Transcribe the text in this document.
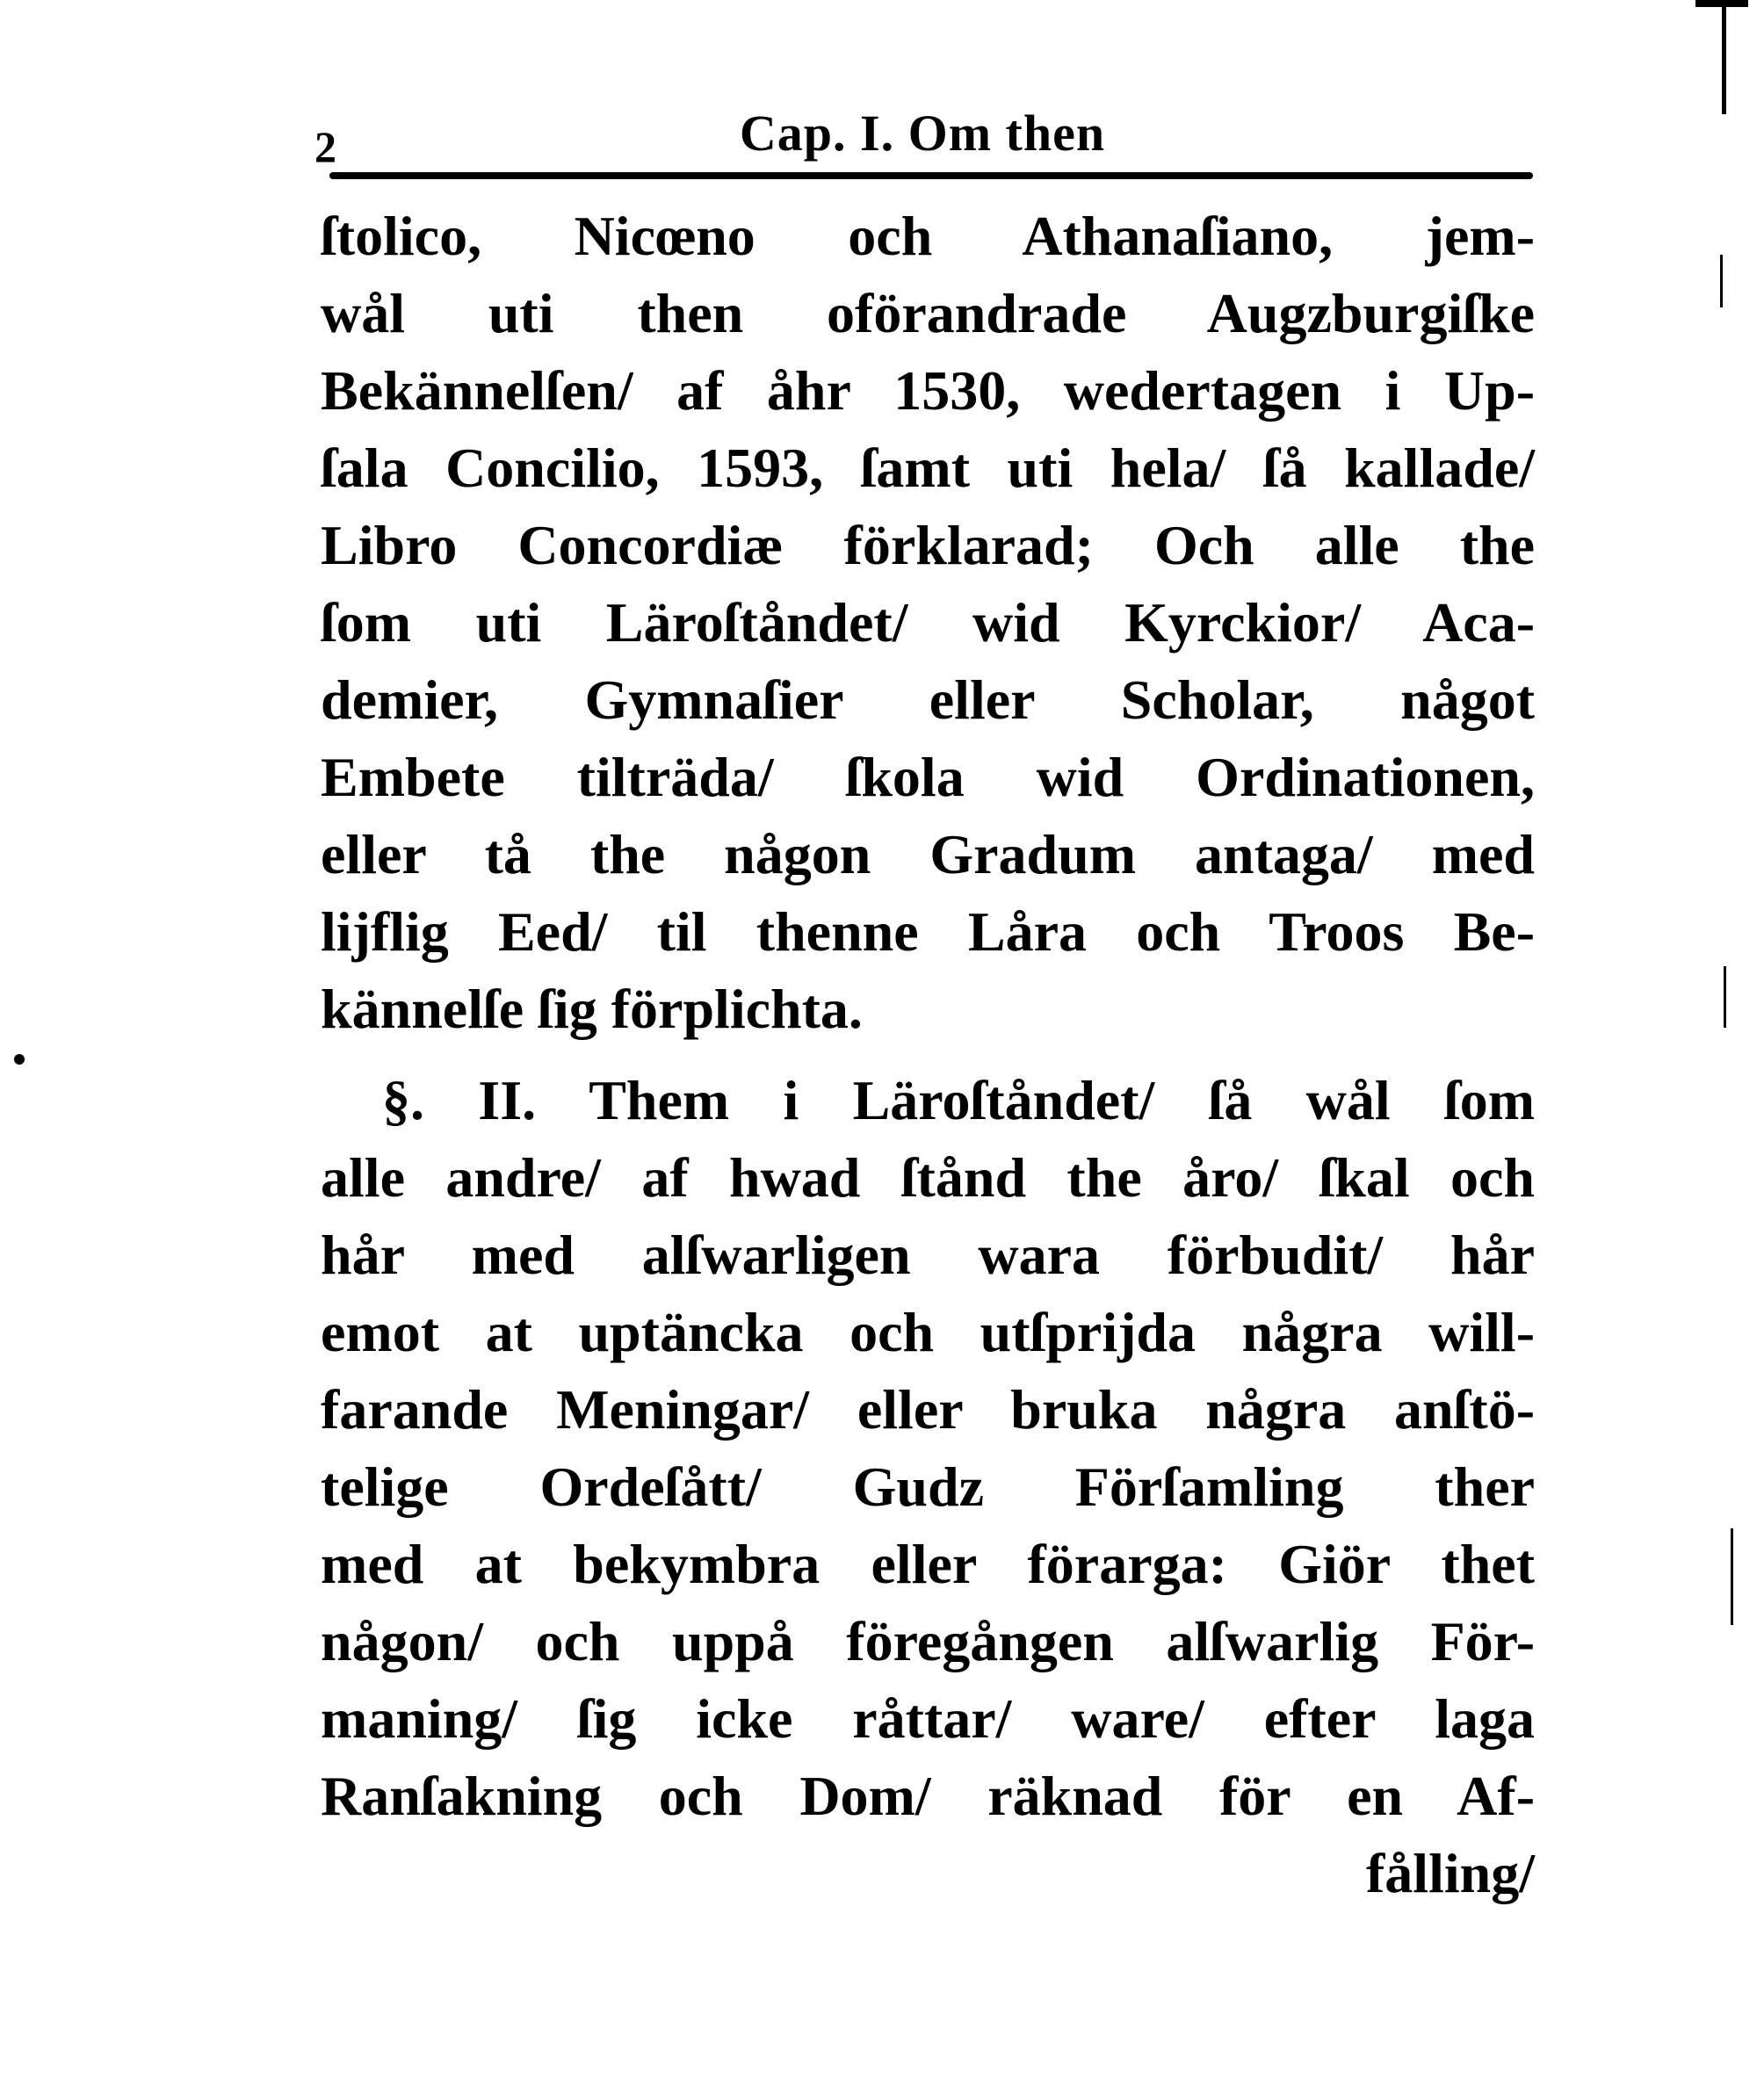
2	Cap. I. Om then
ſtolico, Nicœno och Athanaſiano, jem-
wål uti then oförandrade Augzburgiſke
Bekännelſen/ af åhr 1530, wedertagen i Up-
ſala Concilio, 1593, ſamt uti hela/ ſå kallade/
Libro Concordiæ förklarad; Och alle the
ſom uti Läroſtåndet/ wid Kyrckior/ Aca-
demier, Gymnaſier eller Scholar, något
Embete tilträda/ ſkola wid Ordinationen,
eller tå the någon Gradum antaga/ med
lijflig Eed/ til thenne Låra och Troos Be-
kännelſe ſig förplichta.
§. II. Them i Läroſtåndet/ ſå wål ſom
alle andre/ af hwad ſtånd the åro/ ſkal och
hår med alſwarligen wara förbudit/ hår
emot at uptäncka och utſprijda några will-
farande Meningar/ eller bruka några anſtö-
telige Ordeſått/ Gudz Förſamling ther
med at bekymbra eller förarga: Giör thet
någon/ och uppå föregången alſwarlig För-
maning/ ſig icke råttar/ ware/ efter laga
Ranſakning och Dom/ räknad för en Af-
fålling/
